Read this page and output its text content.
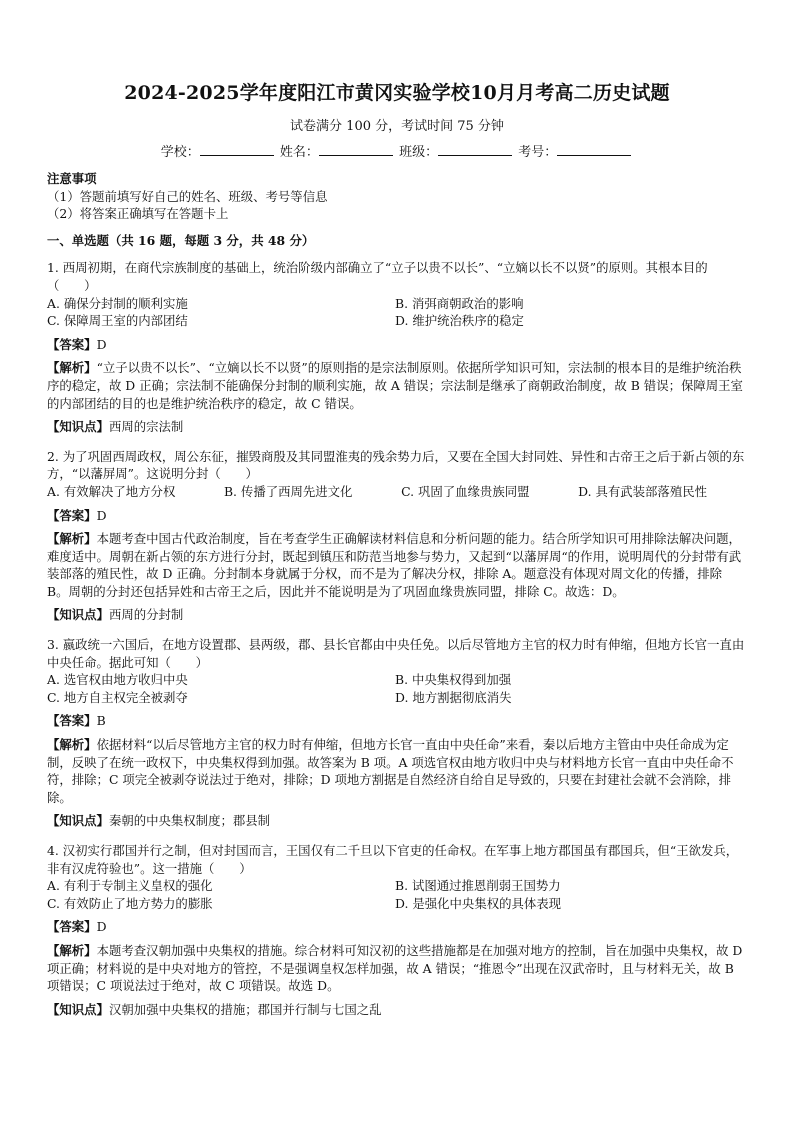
2024-2025学年度阳江市黄冈实验学校10月月考高二历史试题
试卷满分 100 分，考试时间 75 分钟
学校：	姓名：	班级：	考号：
注意事项
（1）答题前填写好自己的姓名、班级、考号等信息
（2）将答案正确填写在答题卡上
一、单选题（共 16 题，每题 3 分，共 48 分）
1. 西周初期，在商代宗族制度的基础上，统治阶级内部确立了“立子以贵不以长”、“立嫡以长不以贤”的原则。其根本目的（　　）
A. 确保分封制的顺利实施	B. 消弭商朝政治的影响
C. 保障周王室的内部团结	D. 维护统治秩序的稳定
【答案】D
【解析】“立子以贵不以长”、“立嫡以长不以贤”的原则指的是宗法制原则。依据所学知识可知，宗法制的根本目的是维护统治秩序的稳定，故 D 正确；宗法制不能确保分封制的顺利实施，故 A 错误；宗法制是继承了商朝政治制度，故 B 错误；保障周王室的内部团结的目的也是维护统治秩序的稳定，故 C 错误。
【知识点】西周的宗法制
2. 为了巩固西周政权，周公东征，摧毁商殷及其同盟淮夷的残余势力后，又要在全国大封同姓、异性和古帝王之后于新占领的东方，“以藩屏周”。这说明分封（　　）
A. 有效解决了地方分权	B. 传播了西周先进文化	C. 巩固了血缘贵族同盟	D. 具有武装部落殖民性
【答案】D
【解析】本题考查中国古代政治制度，旨在考查学生正确解读材料信息和分析问题的能力。结合所学知识可用排除法解决问题，难度适中。周朝在新占领的东方进行分封，既起到镇压和防范当地参与势力，又起到“以藩屏周“的作用，说明周代的分封带有武装部落的殖民性，故 D 正确。分封制本身就属于分权，而不是为了解决分权，排除 A。题意没有体现对周文化的传播，排除 B。周朝的分封还包括异姓和古帝王之后，因此并不能说明是为了巩固血缘贵族同盟，排除 C。故选：D。
【知识点】西周的分封制
3. 嬴政统一六国后，在地方设置郡、县两级，郡、县长官都由中央任免。以后尽管地方主官的权力时有伸缩，但地方长官一直由中央任命。据此可知（　　）
A. 选官权由地方收归中央	B. 中央集权得到加强
C. 地方自主权完全被剥夺	D. 地方割据彻底消失
【答案】B
【解析】依据材料“以后尽管地方主官的权力时有伸缩，但地方长官一直由中央任命”来看，秦以后地方主管由中央任命成为定制，反映了在统一政权下，中央集权得到加强。故答案为 B 项。A 项选官权由地方收归中央与材料地方长官一直由中央任命不符，排除；C 项完全被剥夺说法过于绝对，排除；D 项地方割据是自然经济自给自足导致的，只要在封建社会就不会消除，排除。
【知识点】秦朝的中央集权制度；郡县制
4. 汉初实行郡国并行之制，但对封国而言，王国仅有二千旦以下官吏的任命权。在军事上地方郡国虽有郡国兵，但“王欲发兵，非有汉虎符验也”。这一措施（　　）
A. 有利于专制主义皇权的强化	B. 试图通过推恩削弱王国势力
C. 有效防止了地方势力的膨胀	D. 是强化中央集权的具体表现
【答案】D
【解析】本题考查汉朝加强中央集权的措施。综合材料可知汉初的这些措施都是在加强对地方的控制，旨在加强中央集权，故 D 项正确；材料说的是中央对地方的管控，不是强调皇权怎样加强，故 A 错误；“推恩令”出现在汉武帝时，且与材料无关，故 B 项错误；C 项说法过于绝对，故 C 项错误。故选 D。
【知识点】汉朝加强中央集权的措施；郡国并行制与七国之乱
